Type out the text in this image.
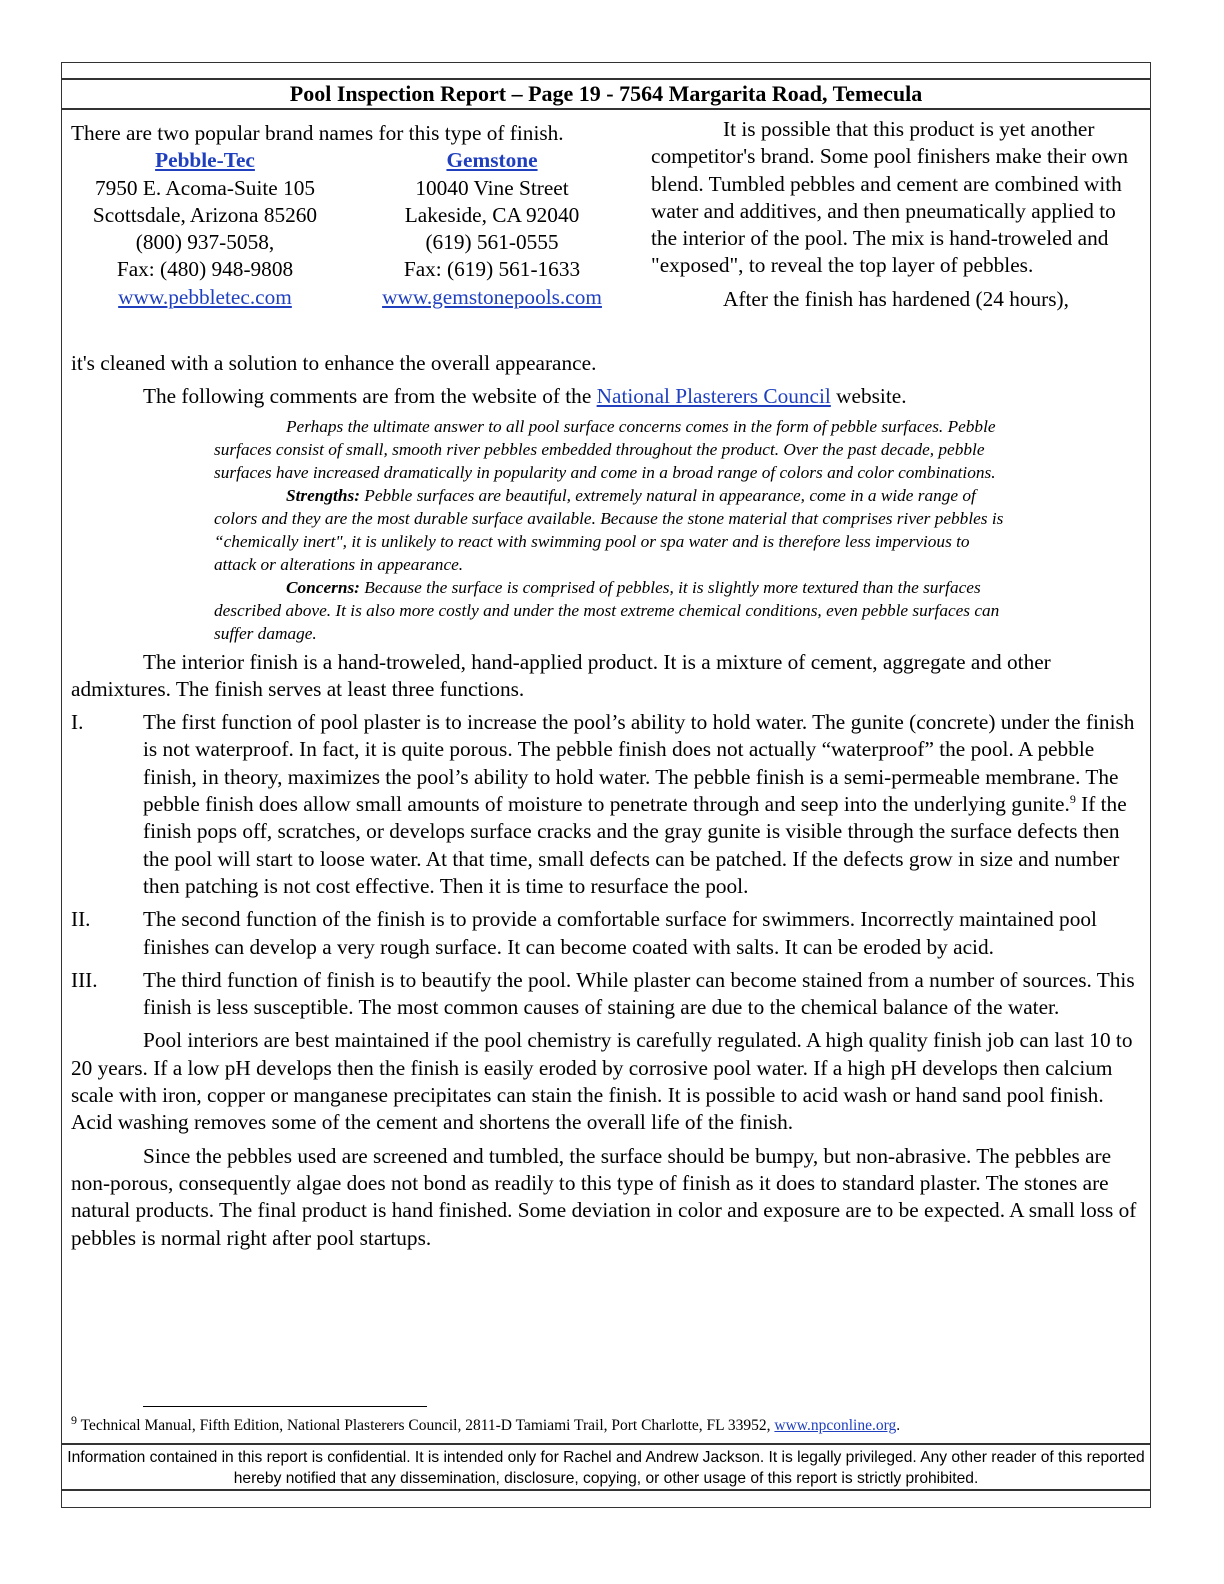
Pool Inspection Report – Page 19 - 7564 Margarita Road, Temecula
There are two popular brand names for this type of finish.
Pebble-Tec
7950 E. Acoma-Suite 105
Scottsdale, Arizona 85260
(800) 937-5058,
Fax: (480) 948-9808
www.pebbletec.com
Gemstone
10040 Vine Street
Lakeside, CA 92040
(619) 561-0555
Fax: (619) 561-1633
www.gemstonepools.com

It is possible that this product is yet another competitor's brand. Some pool finishers make their own blend. Tumbled pebbles and cement are combined with water and additives, and then pneumatically applied to the interior of the pool. The mix is hand-troweled and "exposed", to reveal the top layer of pebbles.

After the finish has hardened (24 hours),

it's cleaned with a solution to enhance the overall appearance.

The following comments are from the website of the National Plasterers Council website.

Perhaps the ultimate answer to all pool surface concerns comes in the form of pebble surfaces. Pebble surfaces consist of small, smooth river pebbles embedded throughout the product. Over the past decade, pebble surfaces have increased dramatically in popularity and come in a broad range of colors and color combinations.

Strengths: Pebble surfaces are beautiful, extremely natural in appearance, come in a wide range of colors and they are the most durable surface available. Because the stone material that comprises river pebbles is “chemically inert", it is unlikely to react with swimming pool or spa water and is therefore less impervious to attack or alterations in appearance.

Concerns: Because the surface is comprised of pebbles, it is slightly more textured than the surfaces described above. It is also more costly and under the most extreme chemical conditions, even pebble surfaces can suffer damage.

The interior finish is a hand-troweled, hand-applied product. It is a mixture of cement, aggregate and other admixtures. The finish serves at least three functions.

I.	The first function of pool plaster is to increase the pool’s ability to hold water. The gunite (concrete) under the finish is not waterproof. In fact, it is quite porous. The pebble finish does not actually “waterproof” the pool. A pebble finish, in theory, maximizes the pool’s ability to hold water. The pebble finish is a semi-permeable membrane. The pebble finish does allow small amounts of moisture to penetrate through and seep into the underlying gunite.$^9$ If the finish pops off, scratches, or develops surface cracks and the gray gunite is visible through the surface defects then the pool will start to loose water. At that time, small defects can be patched. If the defects grow in size and number then patching is not cost effective. Then it is time to resurface the pool.
II.	The second function of the finish is to provide a comfortable surface for swimmers. Incorrectly maintained pool finishes can develop a very rough surface. It can become coated with salts. It can be eroded by acid.
III.	The third function of finish is to beautify the pool. While plaster can become stained from a number of sources. This finish is less susceptible. The most common causes of staining are due to the chemical balance of the water.

Pool interiors are best maintained if the pool chemistry is carefully regulated. A high quality finish job can last 10 to 20 years. If a low pH develops then the finish is easily eroded by corrosive pool water. If a high pH develops then calcium scale with iron, copper or manganese precipitates can stain the finish. It is possible to acid wash or hand sand pool finish. Acid washing removes some of the cement and shortens the overall life of the finish.

Since the pebbles used are screened and tumbled, the surface should be bumpy, but non-abrasive. The pebbles are non-porous, consequently algae does not bond as readily to this type of finish as it does to standard plaster. The stones are natural products. The final product is hand finished. Some deviation in color and exposure are to be expected. A small loss of pebbles is normal right after pool startups.

$^9$ Technical Manual, Fifth Edition, National Plasterers Council, 2811-D Tamiami Trail, Port Charlotte, FL 33952, www.npconline.org.
Information contained in this report is confidential. It is intended only for Rachel and Andrew Jackson. It is legally privileged. Any other reader of this reported hereby notified that any dissemination, disclosure, copying, or other usage of this report is strictly prohibited.
